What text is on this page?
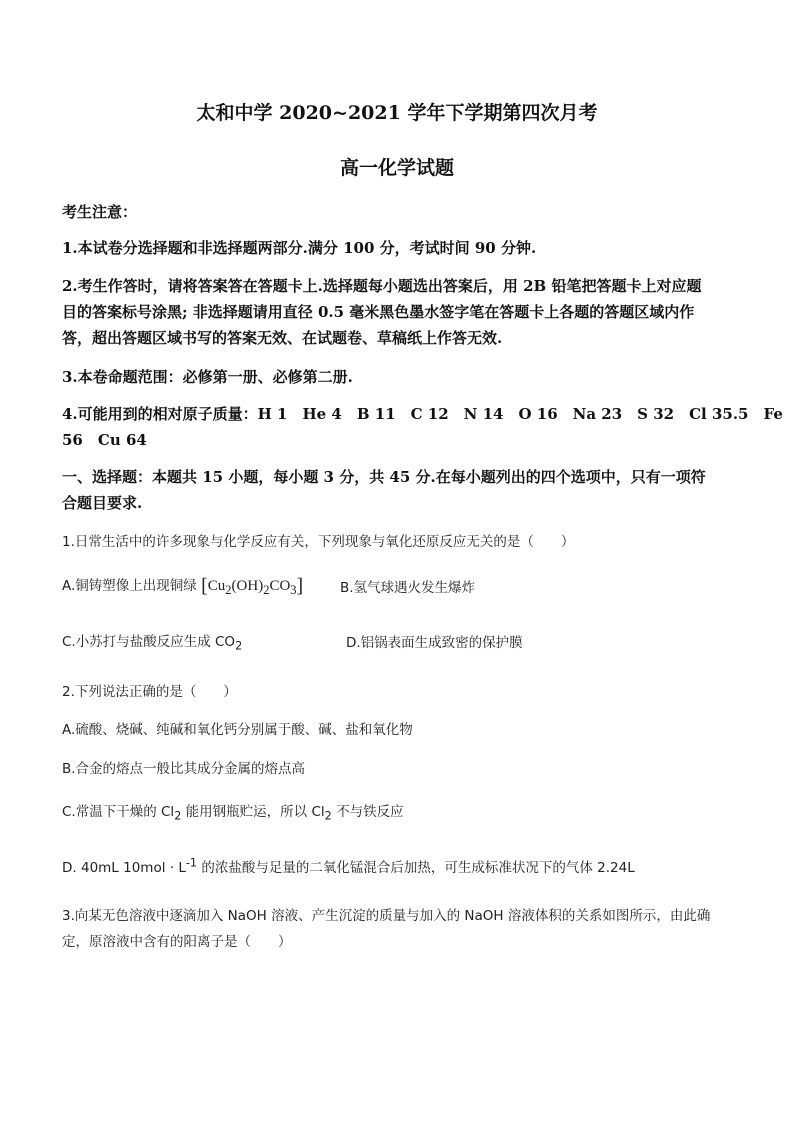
太和中学 2020~2021 学年下学期第四次月考
高一化学试题
考生注意：
1.本试卷分选择题和非选择题两部分.满分 100 分，考试时间 90 分钟.
2.考生作答时，请将答案答在答题卡上.选择题每小题选出答案后，用 2B 铅笔把答题卡上对应题
目的答案标号涂黑; 非选择题请用直径 0.5 毫米黑色墨水签字笔在答题卡上各题的答题区域内作
答，超出答题区域书写的答案无效、在试题卷、草稿纸上作答无效.
3.本卷命题范围：必修第一册、必修第二册.
4.可能用到的相对原子质量：H 1　He 4　B 11　C 12　N 14　O 16　Na 23　S 32　Cl 35.5　Fe
56　Cu 64
一、选择题：本题共 15 小题，每小题 3 分，共 45 分.在每小题列出的四个选项中，只有一项符
合题目要求.
1.日常生活中的许多现象与化学反应有关，下列现象与氧化还原反应无关的是（　　）
A.铜铸塑像上出现铜绿 $[Cu_2(OH)_2CO_3]$	B.氢气球遇火发生爆炸
C.小苏打与盐酸反应生成 $CO_2$	D.铝锅表面生成致密的保护膜
2.下列说法正确的是（　　）
A.硫酸、烧碱、纯碱和氧化钙分别属于酸、碱、盐和氧化物
B.合金的熔点一般比其成分金属的熔点高
C.常温下干燥的 $Cl_2$ 能用钢瓶贮运，所以 $Cl_2$ 不与铁反应
D. 40mL $10mol \cdot L^{-1}$ 的浓盐酸与足量的二氧化锰混合后加热，可生成标准状况下的气体 2.24L
3.向某无色溶液中逐滴加入 NaOH 溶液、产生沉淀的质量与加入的 NaOH 溶液体积的关系如图所示，由此确
定，原溶液中含有的阳离子是（　　）
